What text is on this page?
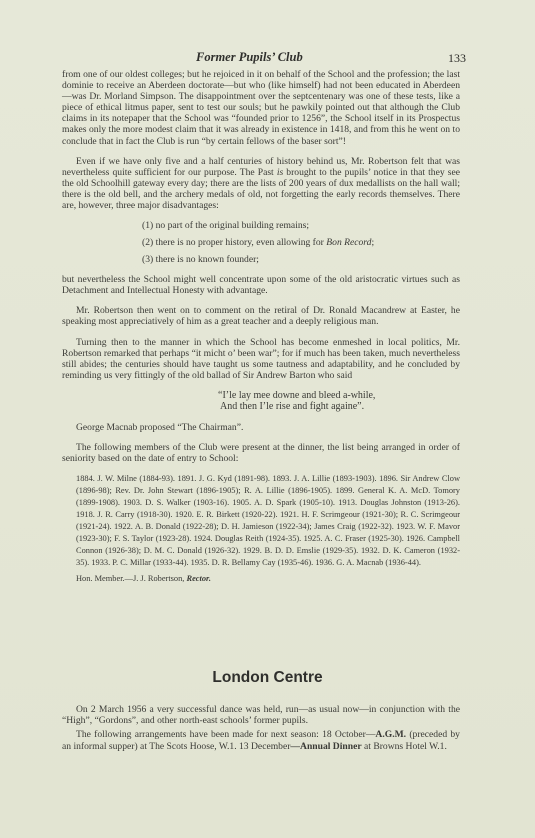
Former Pupils’ Club	133

from one of our oldest colleges; but he rejoiced in it on behalf of the School and the profession; the last dominie to receive an Aberdeen doctorate—but who (like himself) had not been educated in Aberdeen—was Dr. Morland Simpson. The disappointment over the septcentenary was one of these tests, like a piece of ethical litmus paper, sent to test our souls; but he pawkily pointed out that although the Club claims in its notepaper that the School was “founded prior to 1256”, the School itself in its Prospectus makes only the more modest claim that it was already in existence in 1418, and from this he went on to conclude that in fact the Club is run “by certain fellows of the baser sort”!

Even if we have only five and a half centuries of history behind us, Mr. Robertson felt that was nevertheless quite sufficient for our purpose. The Past is brought to the pupils’ notice in that they see the old Schoolhill gateway every day; there are the lists of 200 years of dux medallists on the hall wall; there is the old bell, and the archery medals of old, not forgetting the early records themselves. There are, however, three major disadvantages:

(1) no part of the original building remains;
(2) there is no proper history, even allowing for Bon Record;
(3) there is no known founder;

but nevertheless the School might well concentrate upon some of the old aristocratic virtues such as Detachment and Intellectual Honesty with advantage.

Mr. Robertson then went on to comment on the retiral of Dr. Ronald Macandrew at Easter, he speaking most appreciatively of him as a great teacher and a deeply religious man.

Turning then to the manner in which the School has become enmeshed in local politics, Mr. Robertson remarked that perhaps “it micht o’ been war”; for if much has been taken, much nevertheless still abides; the centuries should have taught us some tautness and adaptability, and he concluded by reminding us very fittingly of the old ballad of Sir Andrew Barton who said

“I’le lay mee downe and bleed a-while,
And then I’le rise and fight againe”.

George Macnab proposed “The Chairman”.

The following members of the Club were present at the dinner, the list being arranged in order of seniority based on the date of entry to School:

1884. J. W. Milne (1884-93). 1891. J. G. Kyd (1891-98). 1893. J. A. Lillie (1893-1903). 1896. Sir Andrew Clow (1896-98); Rev. Dr. John Stewart (1896-1905); R. A. Lillie (1896-1905). 1899. General K. A. McD. Tomory (1899-1908). 1903. D. S. Walker (1903-16). 1905. A. D. Spark (1905-10). 1913. Douglas Johnston (1913-26). 1918. J. R. Carry (1918-30). 1920. E. R. Birkett (1920-22). 1921. H. F. Scrimgeour (1921-30); R. C. Scrimgeour (1921-24). 1922. A. B. Donald (1922-28); D. H. Jamieson (1922-34); James Craig (1922-32). 1923. W. F. Mavor (1923-30); F. S. Taylor (1923-28). 1924. Douglas Reith (1924-35). 1925. A. C. Fraser (1925-30). 1926. Campbell Connon (1926-38); D. M. C. Donald (1926-32). 1929. B. D. D. Emslie (1929-35). 1932. D. K. Cameron (1932-35). 1933. P. C. Millar (1933-44). 1935. D. R. Bellamy Cay (1935-46). 1936. G. A. Macnab (1936-44).
Hon. Member.—J. J. Robertson, Rector.
London Centre

On 2 March 1956 a very successful dance was held, run—as usual now—in conjunction with the “High”, “Gordons”, and other north-east schools’ former pupils.

The following arrangements have been made for next season: 18 October—A.G.M. (preceded by an informal supper) at The Scots Hoose, W.1. 13 December—Annual Dinner at Browns Hotel W.1.
